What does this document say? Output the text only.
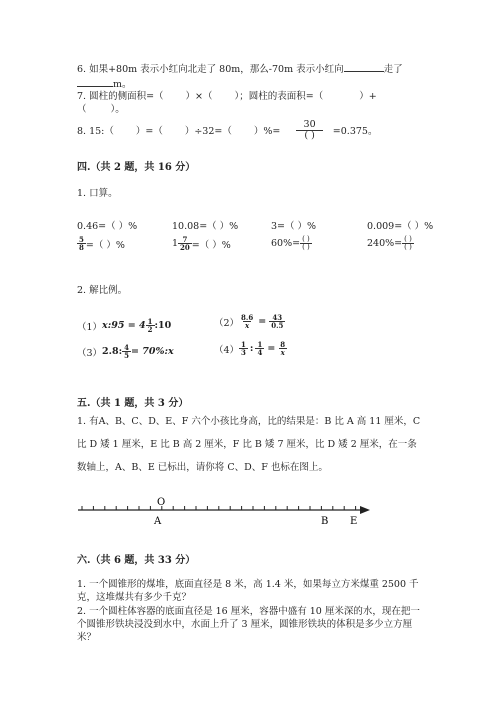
6. 如果+80m 表示小红向北走了 80m，那么-70m 表示小红向	走了
m。
7. 圆柱的侧面积=（ ）×（ ）；圆柱的表面积=（	）+
（	）。
8. 15:（ ）=（ ）÷32=（ ）%= $\frac{30}{( )} =0.375$。
四.（共 2 题，共 16 分）
1. 口算。
0.46=（ ）%	10.08=（ ）%	3=（ ）%	0.009=（ ）%
$\frac{5}{8}$ =（ ）%	$1 \frac{7}{20}$ =（ ）%	$60\%= \frac{( )}{( )}$	$240\%= \frac{( )}{( )}$
2. 解比例。
（1） x:95 = $4 \frac{1}{2}$ :10	$(2) \frac{8.6}{x} = \frac{43}{0.5}$
（3） 2.8: $\frac{4}{5}$ = 70%:x	$(4) \frac{1}{3}$ : $\frac{1}{4} = \frac{8}{x}$
五.（共 1 题，共 3 分）
1. 有A、B、C、D、E、F 六个小孩比身高，比的结果是：B 比 A 高 11 厘米，C 比 D 矮 1 厘米，E 比 B 高 2 厘米，F 比 B 矮 7 厘米，比 D 矮 2 厘米，在一条数轴上，A、B、E 已标出，请你将 C、D、F 也标在图上。
O
A	B E
六.（共 6 题，共 33 分）
1. 一个圆锥形的煤堆，底面直径是 8 米，高 1.4 米，如果每立方米煤重 2500 千克，这堆煤共有多少千克？
2. 一个圆柱体容器的底面直径是 16 厘米，容器中盛有 10 厘米深的水，现在把一个圆锥形铁块浸没到水中，水面上升了 3 厘米，圆锥形铁块的体积是多少立方厘米？
